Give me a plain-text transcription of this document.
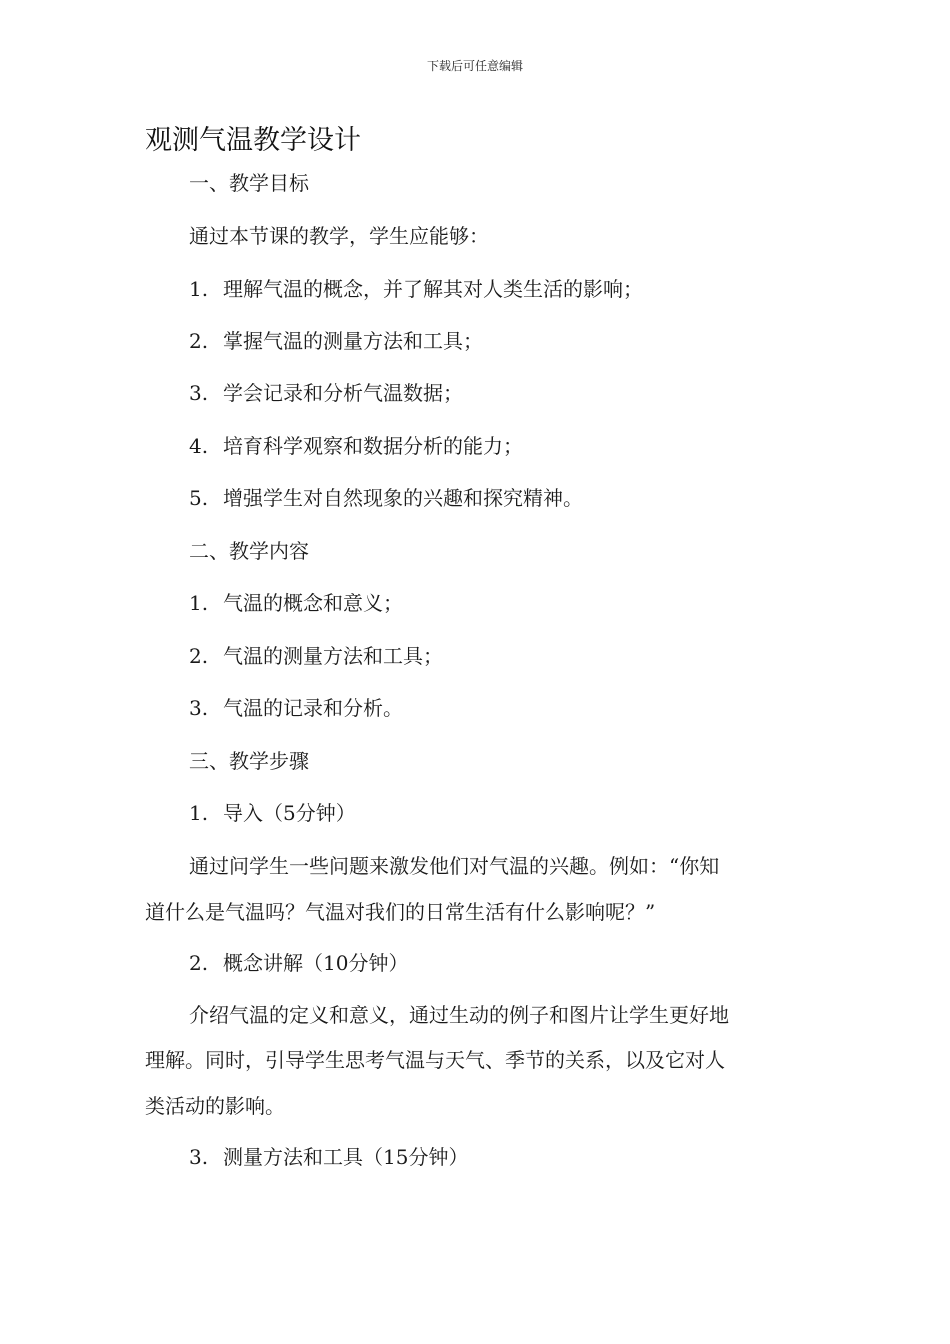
下载后可任意编辑
观测气温教学设计
一、教学目标
通过本节课的教学，学生应能够：
1. 理解气温的概念，并了解其对人类生活的影响；
2. 掌握气温的测量方法和工具；
3. 学会记录和分析气温数据；
4. 培育科学观察和数据分析的能力；
5. 增强学生对自然现象的兴趣和探究精神。
二、教学内容
1. 气温的概念和意义；
2. 气温的测量方法和工具；
3. 气温的记录和分析。
三、教学步骤
1. 导入（5分钟）
通过问学生一些问题来激发他们对气温的兴趣。例如：“你知
道什么是气温吗？气温对我们的日常生活有什么影响呢？”
2. 概念讲解（10分钟）
介绍气温的定义和意义，通过生动的例子和图片让学生更好地
理解。同时，引导学生思考气温与天气、季节的关系，以及它对人
类活动的影响。
3. 测量方法和工具（15分钟）
